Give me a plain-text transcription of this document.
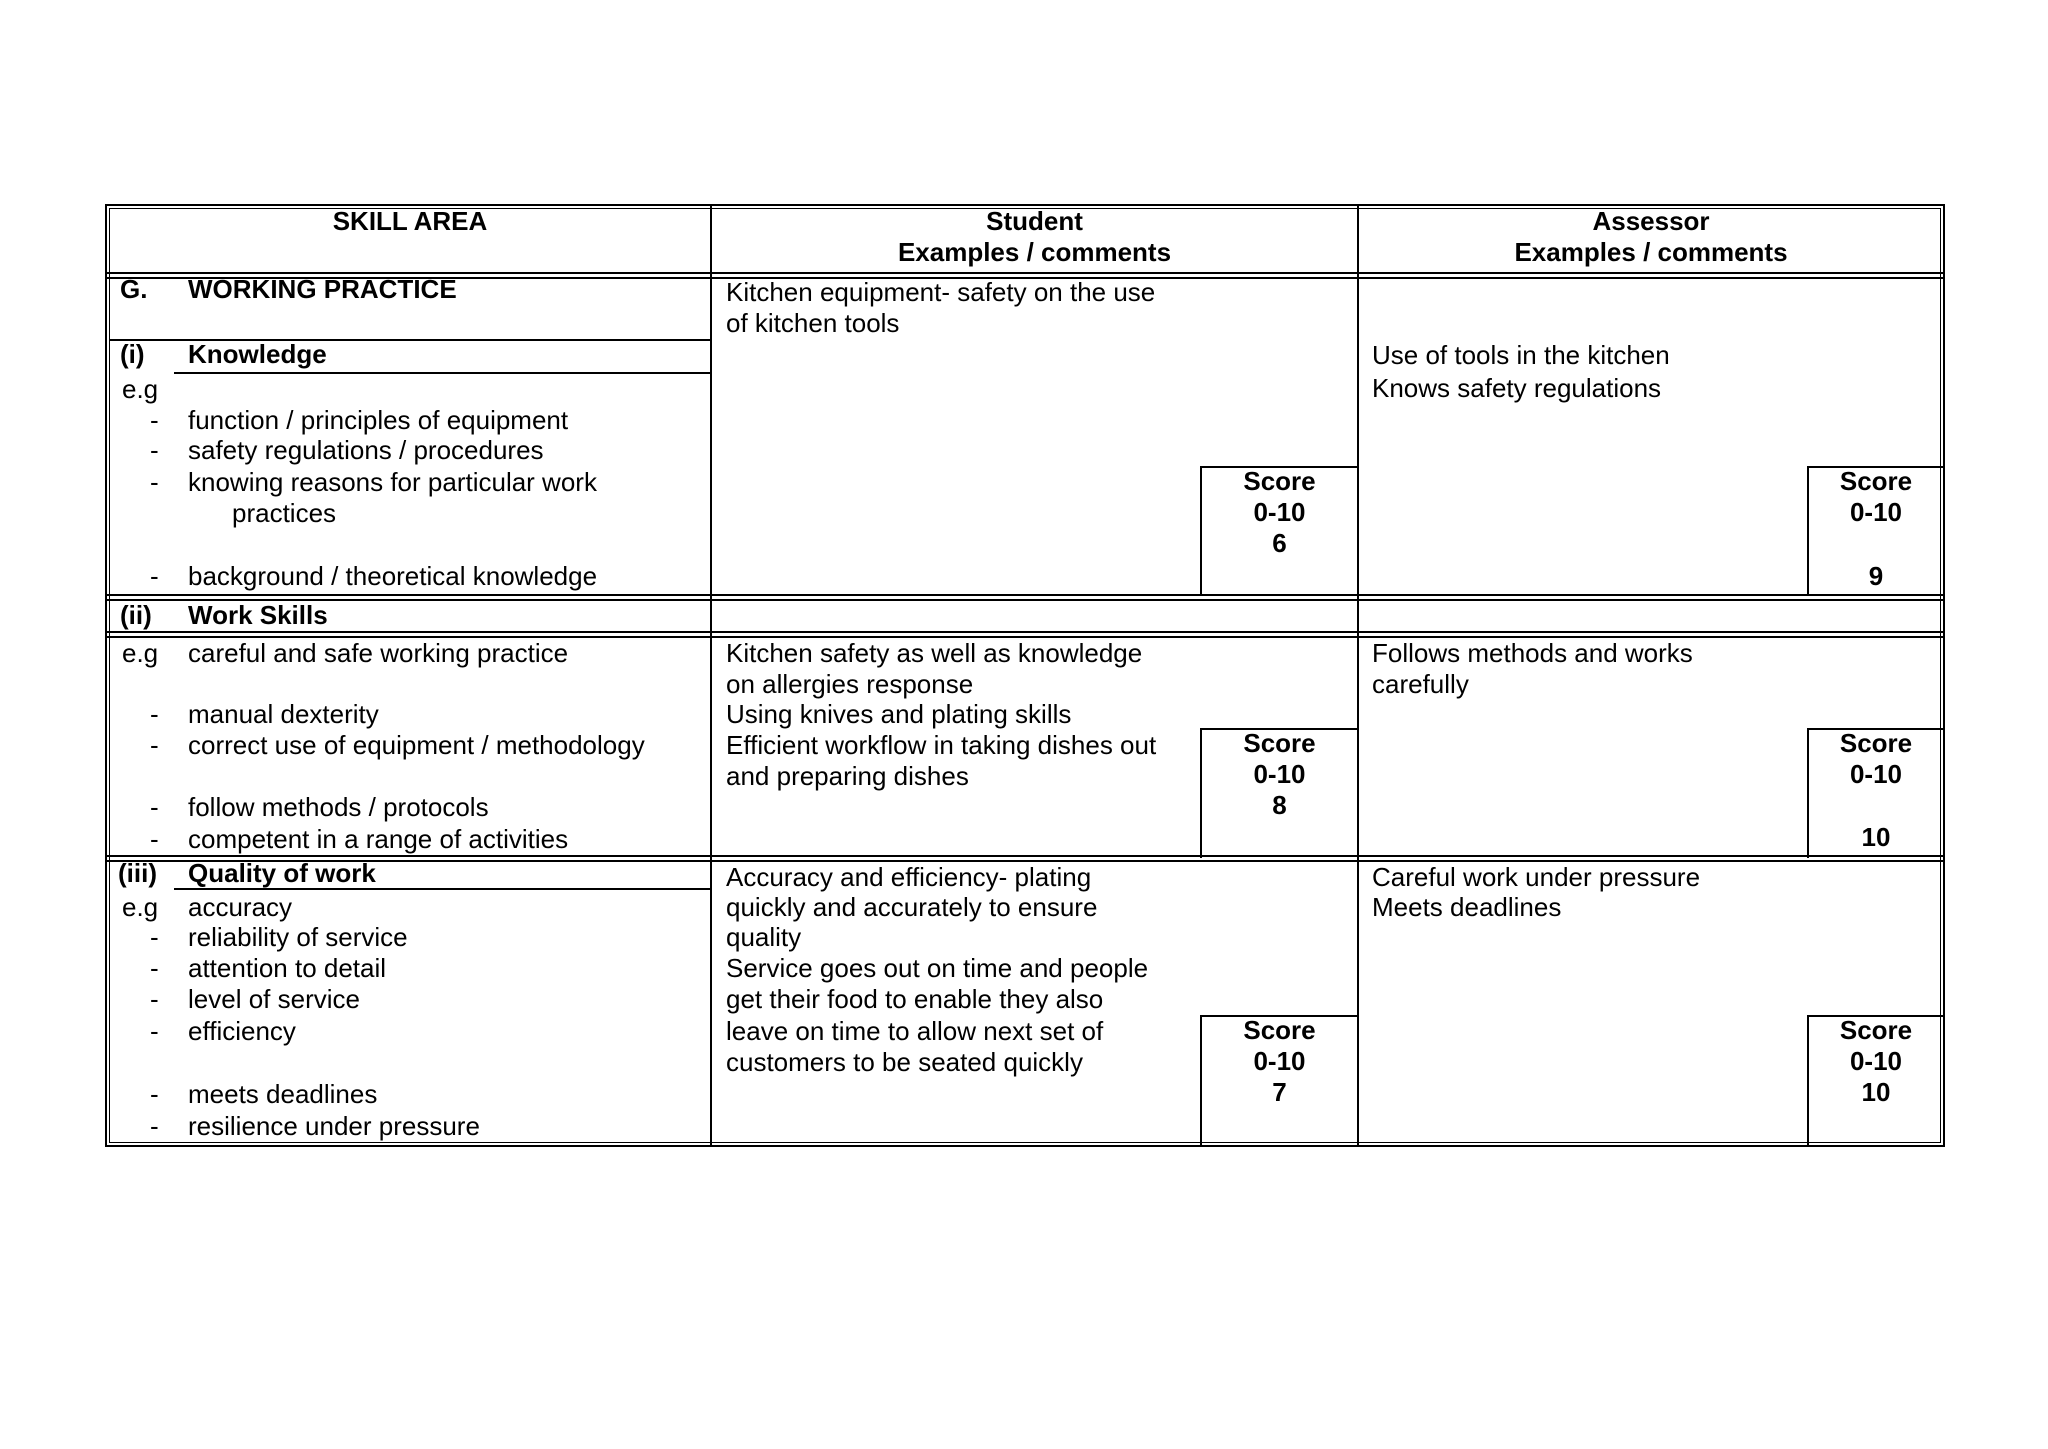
SKILL AREA	Student
Examples / comments
Assessor
Examples / comments
G. WORKING PRACTICE
(i) Knowledge
e.g
- function / principles of equipment
- safety regulations / procedures
- knowing reasons for particular work
practices
- background / theoretical knowledge
Kitchen equipment- safety on the use
of kitchen tools
Score
0-10
6
Use of tools in the kitchen
Knows safety regulations
Score
0-10
9
(ii) Work Skills
e.g careful and safe working practice
- manual dexterity
- correct use of equipment / methodology
- follow methods / protocols
- competent in a range of activities
Kitchen safety as well as knowledge
on allergies response
Using knives and plating skills
Efficient workflow in taking dishes out
and preparing dishes
Score
0-10
8
Follows methods and works
carefully
Score
0-10
10
(iii) Quality of work
e.g accuracy
- reliability of service
- attention to detail
- level of service
- efficiency
- meets deadlines
- resilience under pressure
Accuracy and efficiency- plating
quickly and accurately to ensure
quality
Service goes out on time and people
get their food to enable they also
leave on time to allow next set of
customers to be seated quickly
Score
0-10
7
Careful work under pressure
Meets deadlines
Score
0-10
10
